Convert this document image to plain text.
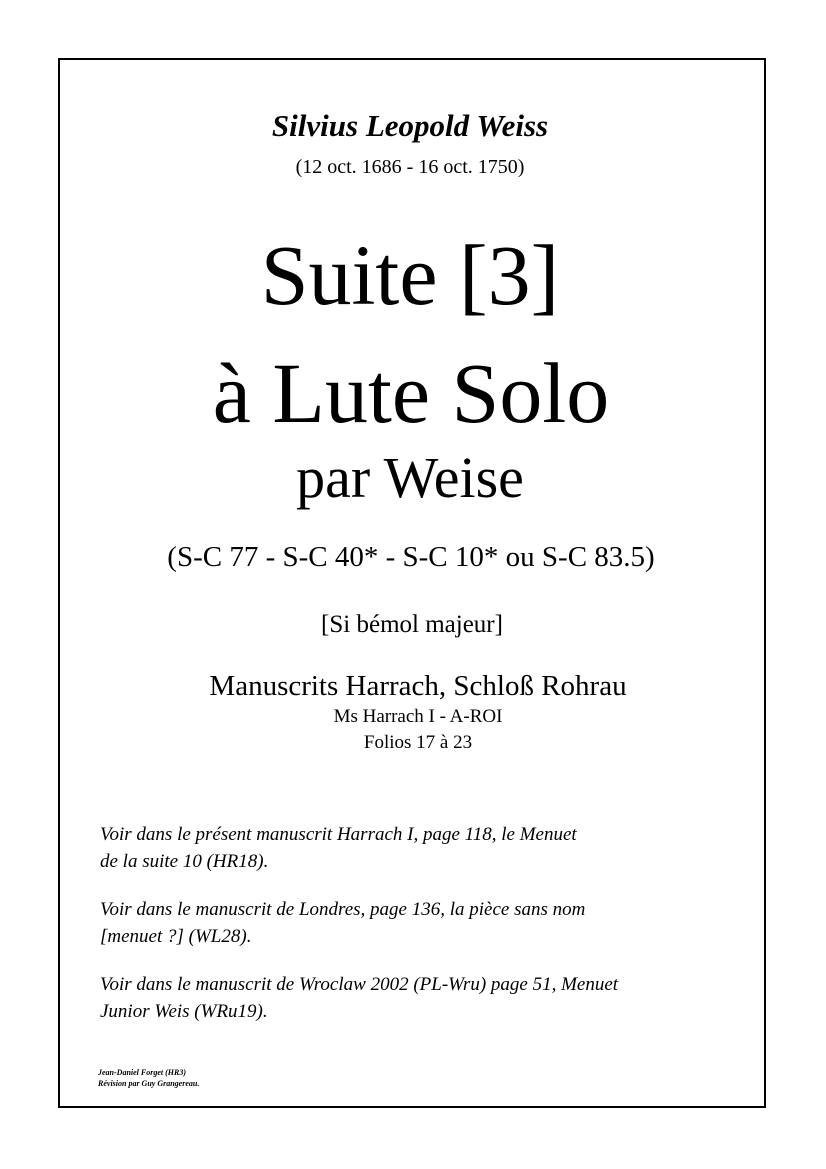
Silvius Leopold Weiss
(12 oct. 1686 - 16 oct. 1750)
Suite [3]
à Lute Solo
par Weise
(S-C 77 - S-C 40* - S-C 10* ou S-C 83.5)
[Si bémol majeur]
Manuscrits Harrach, Schloß Rohrau
Ms Harrach I - A-ROI
Folios 17 à 23

Voir dans le présent manuscrit Harrach I, page 118, le Menuet

de la suite 10 (HR18).

Voir dans le manuscrit de Londres, page 136, la pièce sans nom

[menuet ?] (WL28).

Voir dans le manuscrit de Wroclaw 2002 (PL-Wru) page 51, Menuet

Junior Weis (WRu19).

Jean-Daniel Forget (HR3)

Révision par Guy Grangereau.
